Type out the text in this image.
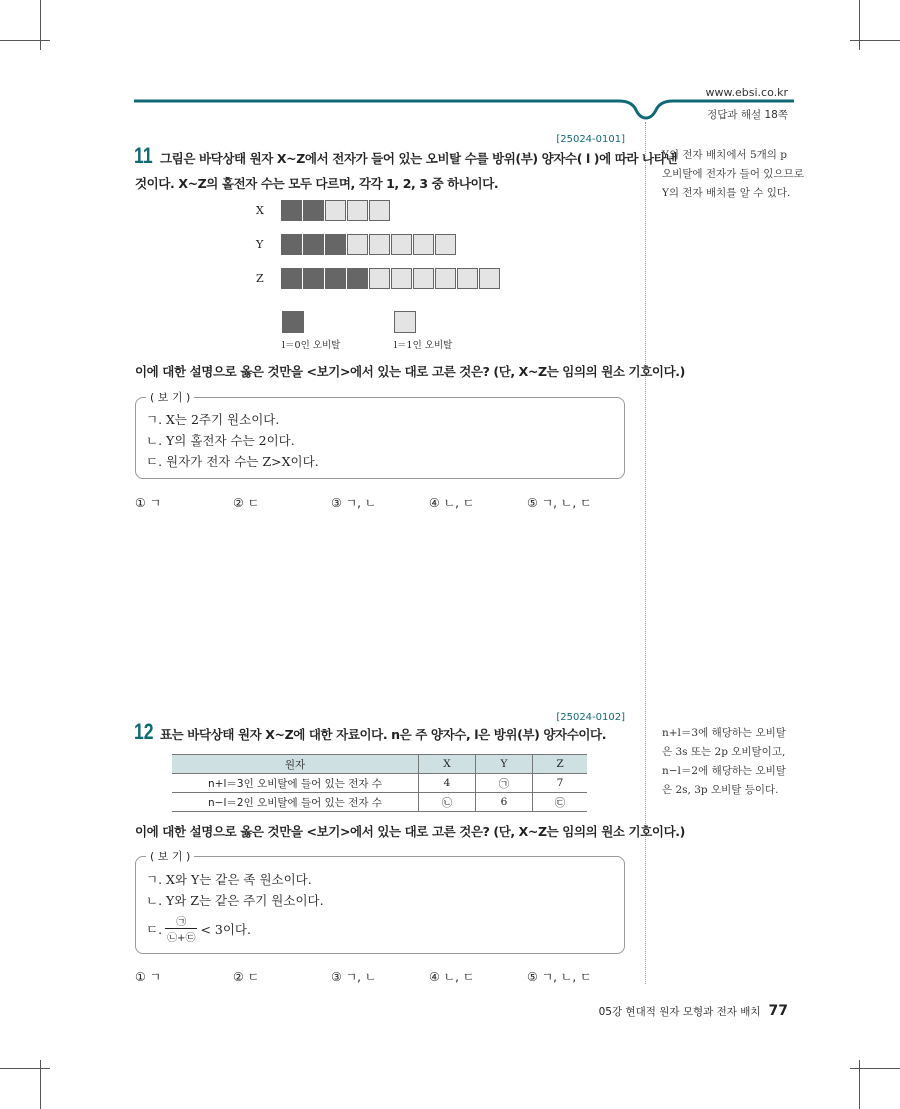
www.ebsi.co.kr
정답과 해설 18쪽
[25024-0101]
11 그림은 바닥상태 원자 X~Z에서 전자가 들어 있는 오비탈 수를 방위(부) 양자수( l )에 따라 나타낸
것이다. X~Z의 홀전자 수는 모두 다르며, 각각 1, 2, 3 중 하나이다.
X
Y
Z
l＝0인 오비탈	l＝1인 오비탈
이에 대한 설명으로 옳은 것만을 <보기>에서 있는 대로 고른 것은? (단, X~Z는 임의의 원소 기호이다.)
( 보 기 )
ㄱ. X는 2주기 원소이다.
ㄴ. Y의 홀전자 수는 2이다.
ㄷ. 원자가 전자 수는 Z>X이다.
① ㄱ	② ㄷ	③ ㄱ, ㄴ	④ ㄴ, ㄷ	⑤ ㄱ, ㄴ, ㄷ
Y의 전자 배치에서 5개의 p
오비탈에 전자가 들어 있으므로
Y의 전자 배치를 알 수 있다.
[25024-0102]
12 표는 바닥상태 원자 X~Z에 대한 자료이다. n은 주 양자수, l은 방위(부) 양자수이다.
원자	X	Y	Z
n+l＝3인 오비탈에 들어 있는 전자 수	4	㉠	7
n−l＝2인 오비탈에 들어 있는 전자 수	㉡	6	㉢
이에 대한 설명으로 옳은 것만을 <보기>에서 있는 대로 고른 것은? (단, X~Z는 임의의 원소 기호이다.)
( 보 기 )
ㄱ. X와 Y는 같은 족 원소이다.
ㄴ. Y와 Z는 같은 주기 원소이다.
ㄷ. ㉠
㉡+㉢
< 3이다.
① ㄱ	② ㄷ	③ ㄱ, ㄴ	④ ㄴ, ㄷ	⑤ ㄱ, ㄴ, ㄷ
n+l＝3에 해당하는 오비탈
은 3s 또는 2p 오비탈이고,
n−l＝2에 해당하는 오비탈
은 2s, 3p 오비탈 등이다.
05강 현대적 원자 모형과 전자 배치 77
